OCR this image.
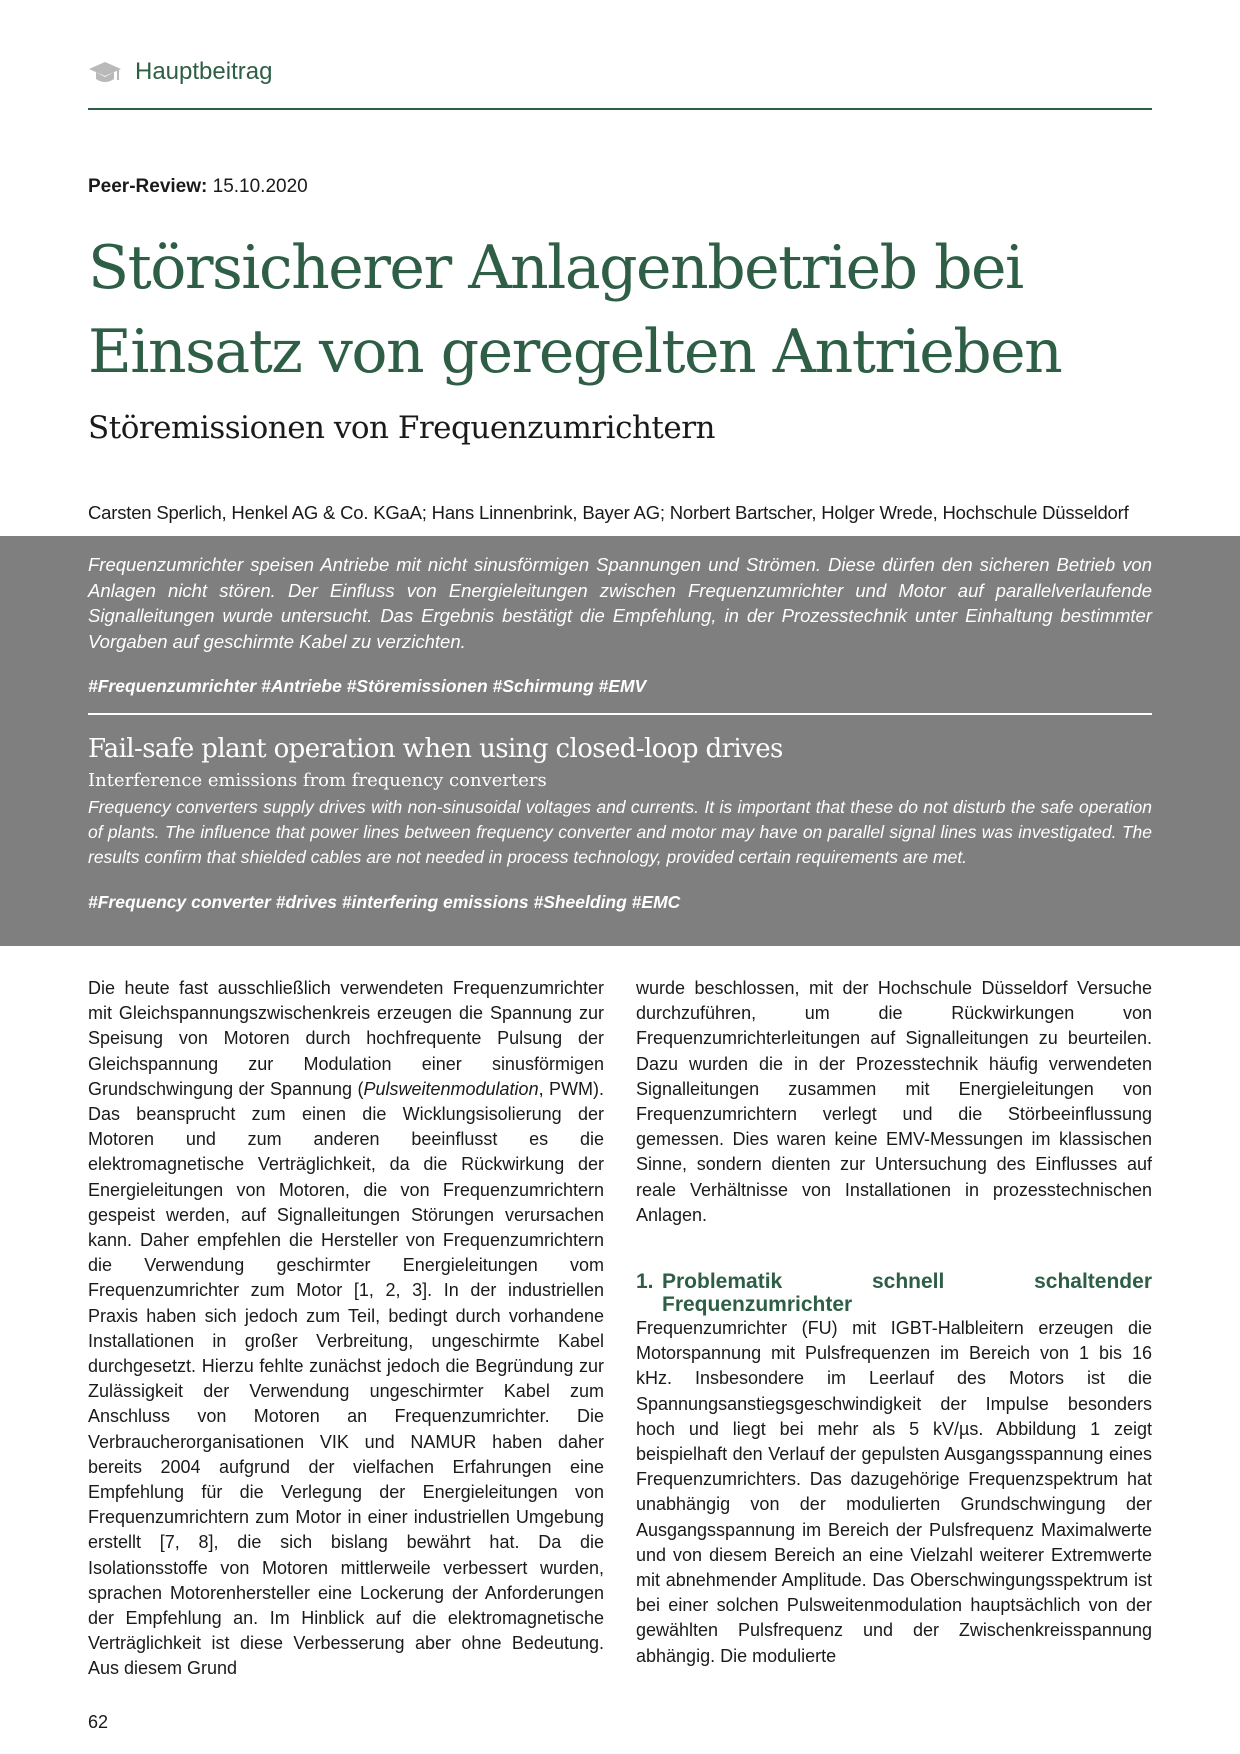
Hauptbeitrag
Peer-Review: 15.10.2020
Störsicherer Anlagenbetrieb bei
Einsatz von geregelten Antrieben
Störemissionen von Frequenzumrichtern
Carsten Sperlich, Henkel AG & Co. KGaA; Hans Linnenbrink, Bayer AG; Norbert Bartscher, Holger Wrede, Hochschule Düsseldorf

Frequenzumrichter speisen Antriebe mit nicht sinusförmigen Spannungen und Strömen. Diese dürfen den sicheren Betrieb von Anlagen nicht stören. Der Einfluss von Energieleitungen zwischen Frequenzumrichter und Motor auf parallelverlaufende Signalleitungen wurde untersucht. Das Ergebnis bestätigt die Empfehlung, in der Prozesstechnik unter Einhaltung bestimmter Vorgaben auf geschirmte Kabel zu verzichten.

#Frequenzumrichter #Antriebe #Störemissionen #Schirmung #EMV
Fail-safe plant operation when using closed-loop drives
Interference emissions from frequency converters

Frequency converters supply drives with non-sinusoidal voltages and currents. It is important that these do not disturb the safe operation of plants. The influence that power lines between frequency converter and motor may have on parallel signal lines was investigated. The results confirm that shielded cables are not needed in process technology, provided certain requirements are met.

#Frequency converter #drives #interfering emissions #Sheelding #EMC

Die heute fast ausschließlich verwendeten Frequenzumrichter mit Gleichspannungszwischenkreis erzeugen die Spannung zur Speisung von Motoren durch hochfrequente Pulsung der Gleichspannung zur Modulation einer sinusförmigen Grundschwingung der Spannung (Pulsweitenmodulation, PWM). Das beansprucht zum einen die Wicklungsisolierung der Motoren und zum anderen beeinflusst es die elektromagnetische Verträglichkeit, da die Rückwirkung der Energieleitungen von Motoren, die von Frequenzumrichtern gespeist werden, auf Signalleitungen Störungen verursachen kann. Daher empfehlen die Hersteller von Frequenzumrichtern die Verwendung geschirmter Energieleitungen vom Frequenzumrichter zum Motor [1, 2, 3]. In der industriellen Praxis haben sich jedoch zum Teil, bedingt durch vorhandene Installationen in großer Verbreitung, ungeschirmte Kabel durchgesetzt. Hierzu fehlte zunächst jedoch die Begründung zur Zulässigkeit der Verwendung ungeschirmter Kabel zum Anschluss von Motoren an Frequenzumrichter. Die Verbraucherorganisationen VIK und NAMUR haben daher bereits 2004 aufgrund der vielfachen Erfahrungen eine Empfehlung für die Verlegung der Energieleitungen von Frequenzumrichtern zum Motor in einer industriellen Umgebung erstellt [7, 8], die sich bislang bewährt hat. Da die Isolationsstoffe von Motoren mittlerweile verbessert wurden, sprachen Motorenhersteller eine Lockerung der Anforderungen der Empfehlung an. Im Hinblick auf die elektromagnetische Verträglichkeit ist diese Verbesserung aber ohne Bedeutung. Aus diesem Grund

wurde beschlossen, mit der Hochschule Düsseldorf Versuche durchzuführen, um die Rückwirkungen von Frequenzumrichterleitungen auf Signalleitungen zu beurteilen. Dazu wurden die in der Prozesstechnik häufig verwendeten Signalleitungen zusammen mit Energieleitungen von Frequenzumrichtern verlegt und die Störbeeinflussung gemessen. Dies waren keine EMV-Messungen im klassischen Sinne, sondern dienten zur Untersuchung des Einflusses auf reale Verhältnisse von Installationen in prozesstechnischen Anlagen.

1. Problematik schnell schaltender Frequenzumrichter

Frequenzumrichter (FU) mit IGBT-Halbleitern erzeugen die Motorspannung mit Pulsfrequenzen im Bereich von 1 bis 16 kHz. Insbesondere im Leerlauf des Motors ist die Spannungsanstiegsgeschwindigkeit der Impulse besonders hoch und liegt bei mehr als 5 kV/µs. Abbildung 1 zeigt beispielhaft den Verlauf der gepulsten Ausgangsspannung eines Frequenzumrichters. Das dazugehörige Frequenzspektrum hat unabhängig von der modulierten Grundschwingung der Ausgangsspannung im Bereich der Pulsfrequenz Maximalwerte und von diesem Bereich an eine Vielzahl weiterer Extremwerte mit abnehmender Amplitude. Das Oberschwingungsspektrum ist bei einer solchen Pulsweitenmodulation hauptsächlich von der gewählten Pulsfrequenz und der Zwischenkreisspannung abhängig. Die modulierte

62
